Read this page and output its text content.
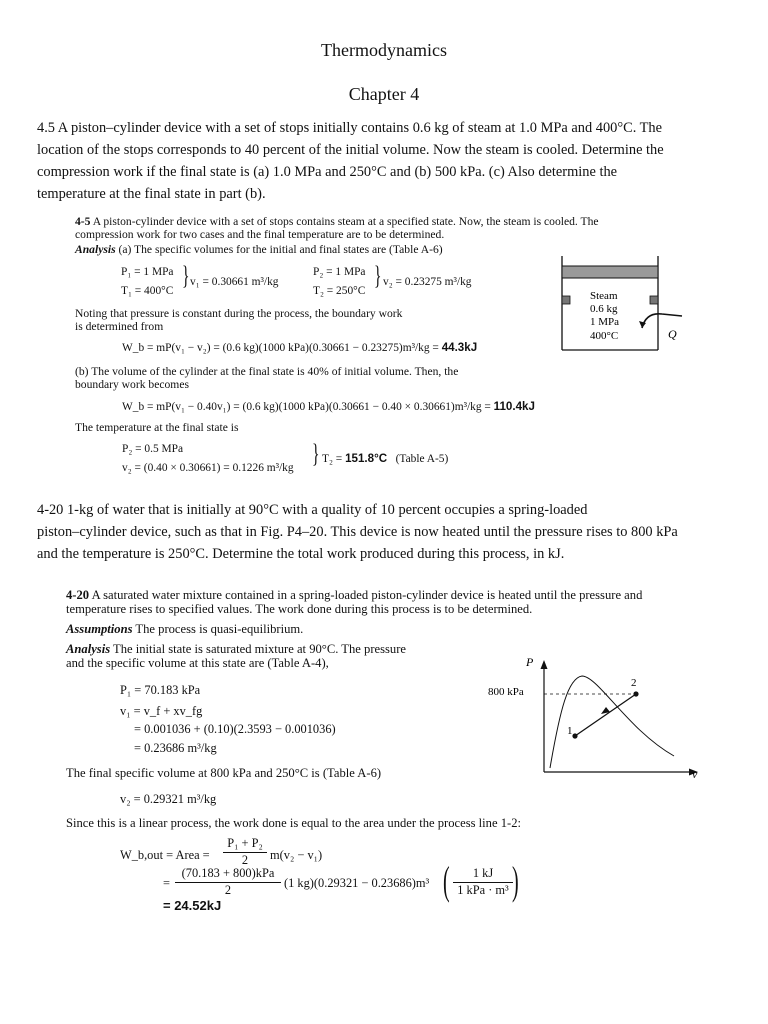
Thermodynamics
Chapter 4
4.5 A piston–cylinder device with a set of stops initially contains 0.6 kg of steam at 1.0 MPa and 400°C. The
location of the stops corresponds to 40 percent of the initial volume. Now the steam is cooled. Determine the
compression work if the final state is (a) 1.0 MPa and 250°C and (b) 500 kPa. (c) Also determine the
temperature at the final state in part (b).
4-5 A piston-cylinder device with a set of stops contains steam at a specified state. Now, the steam is cooled. The
compression work for two cases and the final temperature are to be determined.
Analysis (a) The specific volumes for the initial and final states are (Table A-6)
P₁ = 1 MPa
T₁ = 400°C
} v₁ = 0.30661 m³/kg
P₂ = 1 MPa
T₂ = 250°C
} v₂ = 0.23275 m³/kg
Noting that pressure is constant during the process, the boundary work
is determined from
W_b = mP(v₁ − v₂) = (0.6 kg)(1000 kPa)(0.30661 − 0.23275)m³/kg = 44.3kJ
(b) The volume of the cylinder at the final state is 40% of initial volume. Then, the
boundary work becomes
W_b = mP(v₁ − 0.40v₁) = (0.6 kg)(1000 kPa)(0.30661 − 0.40 × 0.30661)m³/kg = 110.4kJ
The temperature at the final state is
P₂ = 0.5 MPa
v₂ = (0.40 × 0.30661) = 0.1226 m³/kg } T₂ = 151.8°C (Table A-5)
Steam
0.6 kg
1 MPa
400°C	Q
4-20 1-kg of water that is initially at 90°C with a quality of 10 percent occupies a spring-loaded
piston–cylinder device, such as that in Fig. P4–20. This device is now heated until the pressure rises to 800 kPa
and the temperature is 250°C. Determine the total work produced during this process, in kJ.
4-20 A saturated water mixture contained in a spring-loaded piston-cylinder device is heated until the pressure and
temperature rises to specified values. The work done during this process is to be determined.
Assumptions The process is quasi-equilibrium.
Analysis The initial state is saturated mixture at 90°C. The pressure
and the specific volume at this state are (Table A-4),
P₁ = 70.183 kPa
v₁ = v_f + xv_fg
= 0.001036 + (0.10)(2.3593 − 0.001036)
= 0.23686 m³/kg
The final specific volume at 800 kPa and 250°C is (Table A-6)
v₂ = 0.29321 m³/kg
Since this is a linear process, the work done is equal to the area under the process line 1-2:
W_b,out = Area = $\frac{\text{P₁ + P₂}}{2} m(v_2 - v_1)$
=
(70.183 + 800)kPa
2	(1 kg)(0.29321 − 0.23686)m³ (	1 kJ
1 kPa · m³ )
= 24.52kJ
P
v
800 kPa
1
2
